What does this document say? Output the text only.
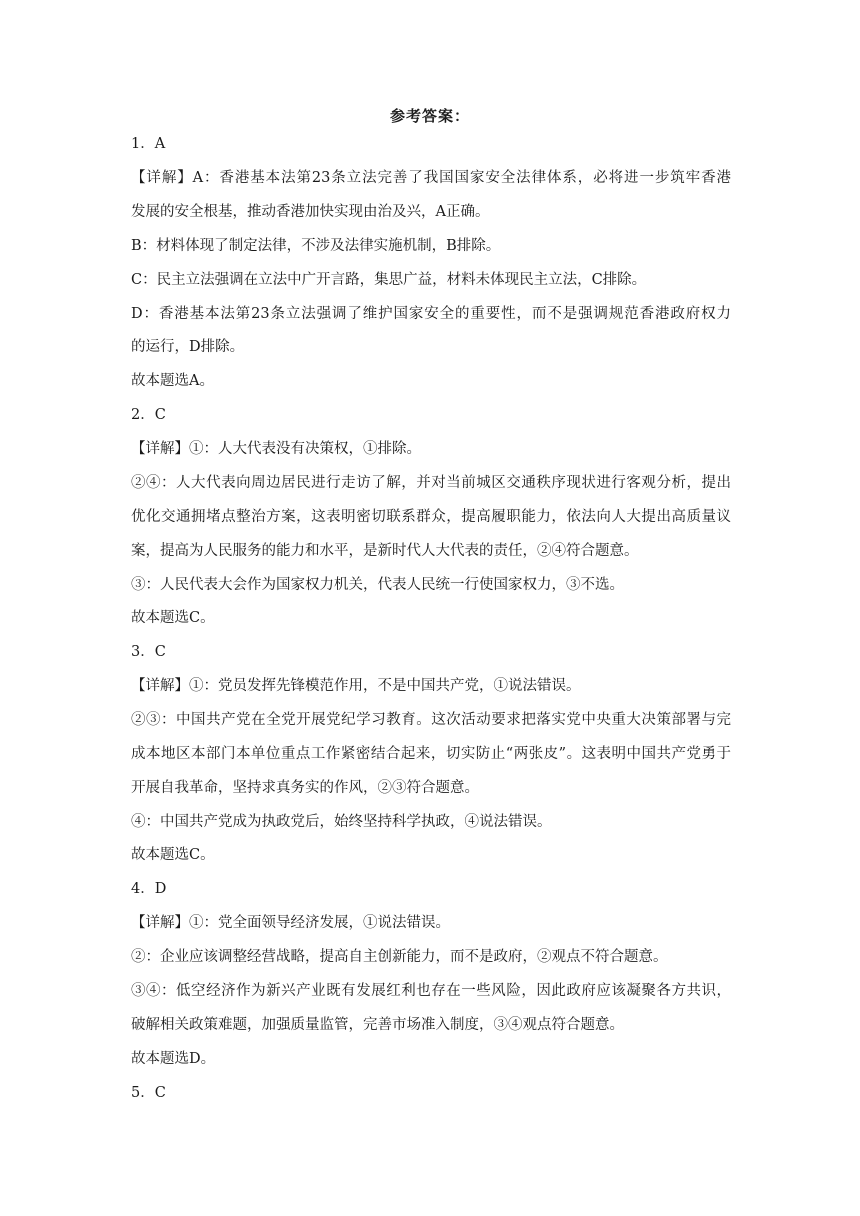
参考答案：
1．A
【详解】A：香港基本法第23条立法完善了我国国家安全法律体系，必将进一步筑牢香港
发展的安全根基，推动香港加快实现由治及兴，A正确。
B：材料体现了制定法律，不涉及法律实施机制，B排除。
C：民主立法强调在立法中广开言路，集思广益，材料未体现民主立法，C排除。
D：香港基本法第23条立法强调了维护国家安全的重要性，而不是强调规范香港政府权力
的运行，D排除。
故本题选A。
2．C
【详解】①：人大代表没有决策权，①排除。
②④：人大代表向周边居民进行走访了解，并对当前城区交通秩序现状进行客观分析，提出
优化交通拥堵点整治方案，这表明密切联系群众，提高履职能力，依法向人大提出高质量议
案，提高为人民服务的能力和水平，是新时代人大代表的责任，②④符合题意。
③：人民代表大会作为国家权力机关，代表人民统一行使国家权力，③不选。
故本题选C。
3．C
【详解】①：党员发挥先锋模范作用，不是中国共产党，①说法错误。
②③：中国共产党在全党开展党纪学习教育。这次活动要求把落实党中央重大决策部署与完
成本地区本部门本单位重点工作紧密结合起来，切实防止“两张皮”。这表明中国共产党勇于
开展自我革命，坚持求真务实的作风，②③符合题意。
④：中国共产党成为执政党后，始终坚持科学执政，④说法错误。
故本题选C。
4．D
【详解】①：党全面领导经济发展，①说法错误。
②：企业应该调整经营战略，提高自主创新能力，而不是政府，②观点不符合题意。
③④：低空经济作为新兴产业既有发展红利也存在一些风险，因此政府应该凝聚各方共识，
破解相关政策难题，加强质量监管，完善市场准入制度，③④观点符合题意。
故本题选D。
5．C
